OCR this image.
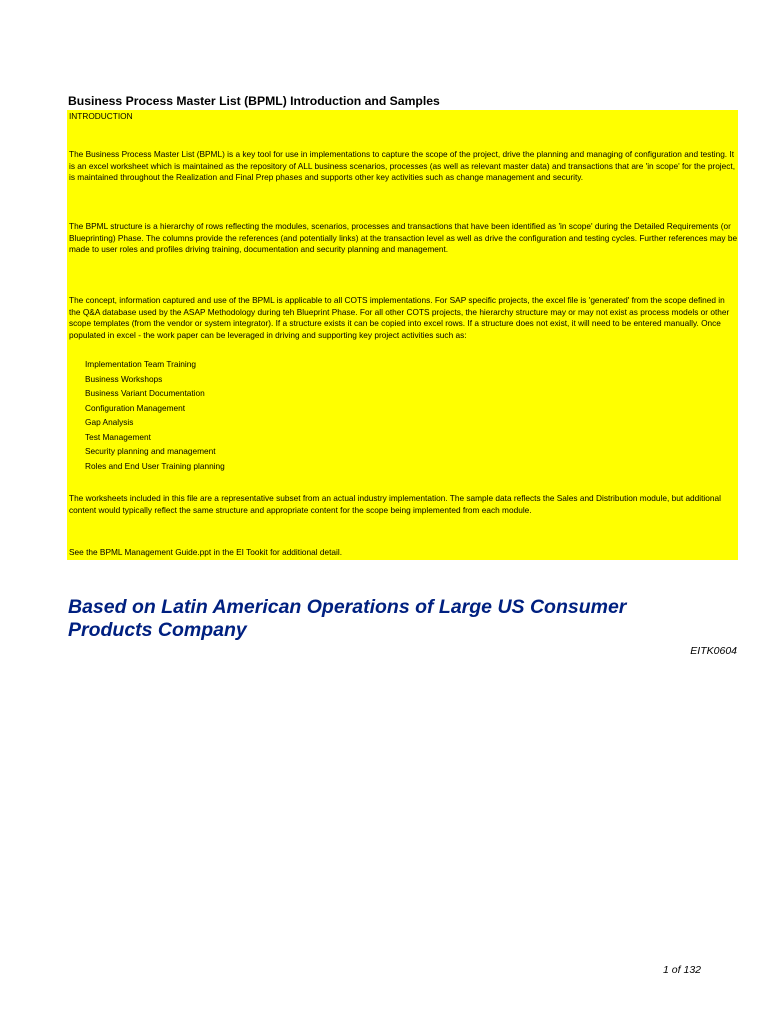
Business Process Master List (BPML) Introduction and Samples
INTRODUCTION
The Business Process Master List (BPML) is a key tool for use in implementations to capture the scope of the project, drive the planning and managing of configuration and testing. It is an excel worksheet which is maintained as the repository of ALL business scenarios, processes (as well as relevant master data) and transactions that are 'in scope' for the project, is maintained throughout the Realization and Final Prep phases and supports other key activities such as change management and security.
The BPML structure is a hierarchy of rows reflecting the modules, scenarios, processes and transactions that have been identified as 'in scope' during the Detailed Requirements (or Blueprinting) Phase. The columns provide the references (and potentially links) at the transaction level as well as drive the configuration and testing cycles. Further references may be made to user roles and profiles driving training, documentation and security planning and management.
The concept, information captured and use of the BPML is applicable to all COTS implementations. For SAP specific projects, the excel file is 'generated' from the scope defined in the Q&A database used by the ASAP Methodology during teh Blueprint Phase. For all other COTS projects, the hierarchy structure may or may not exist as process models or other scope templates (from the vendor or system integrator). If a structure exists it can be copied into excel rows. If a structure does not exist, it will need to be entered manually. Once populated in excel - the work paper can be leveraged in driving and supporting key project activities such as:
Implementation Team Training
Business Workshops
Business Variant Documentation
Configuration Management
Gap Analysis
Test Management
Security planning and management
Roles and End User Training planning
The worksheets included in this file are a representative subset from an actual industry implementation. The sample data reflects the Sales and Distribution module, but additional content would typically reflect the same structure and appropriate content for the scope being implemented from each module.
See the BPML Management Guide.ppt in the EI Tookit for additional detail.
Based on Latin American Operations of Large US Consumer Products Company
EITK0604
1 of 132
